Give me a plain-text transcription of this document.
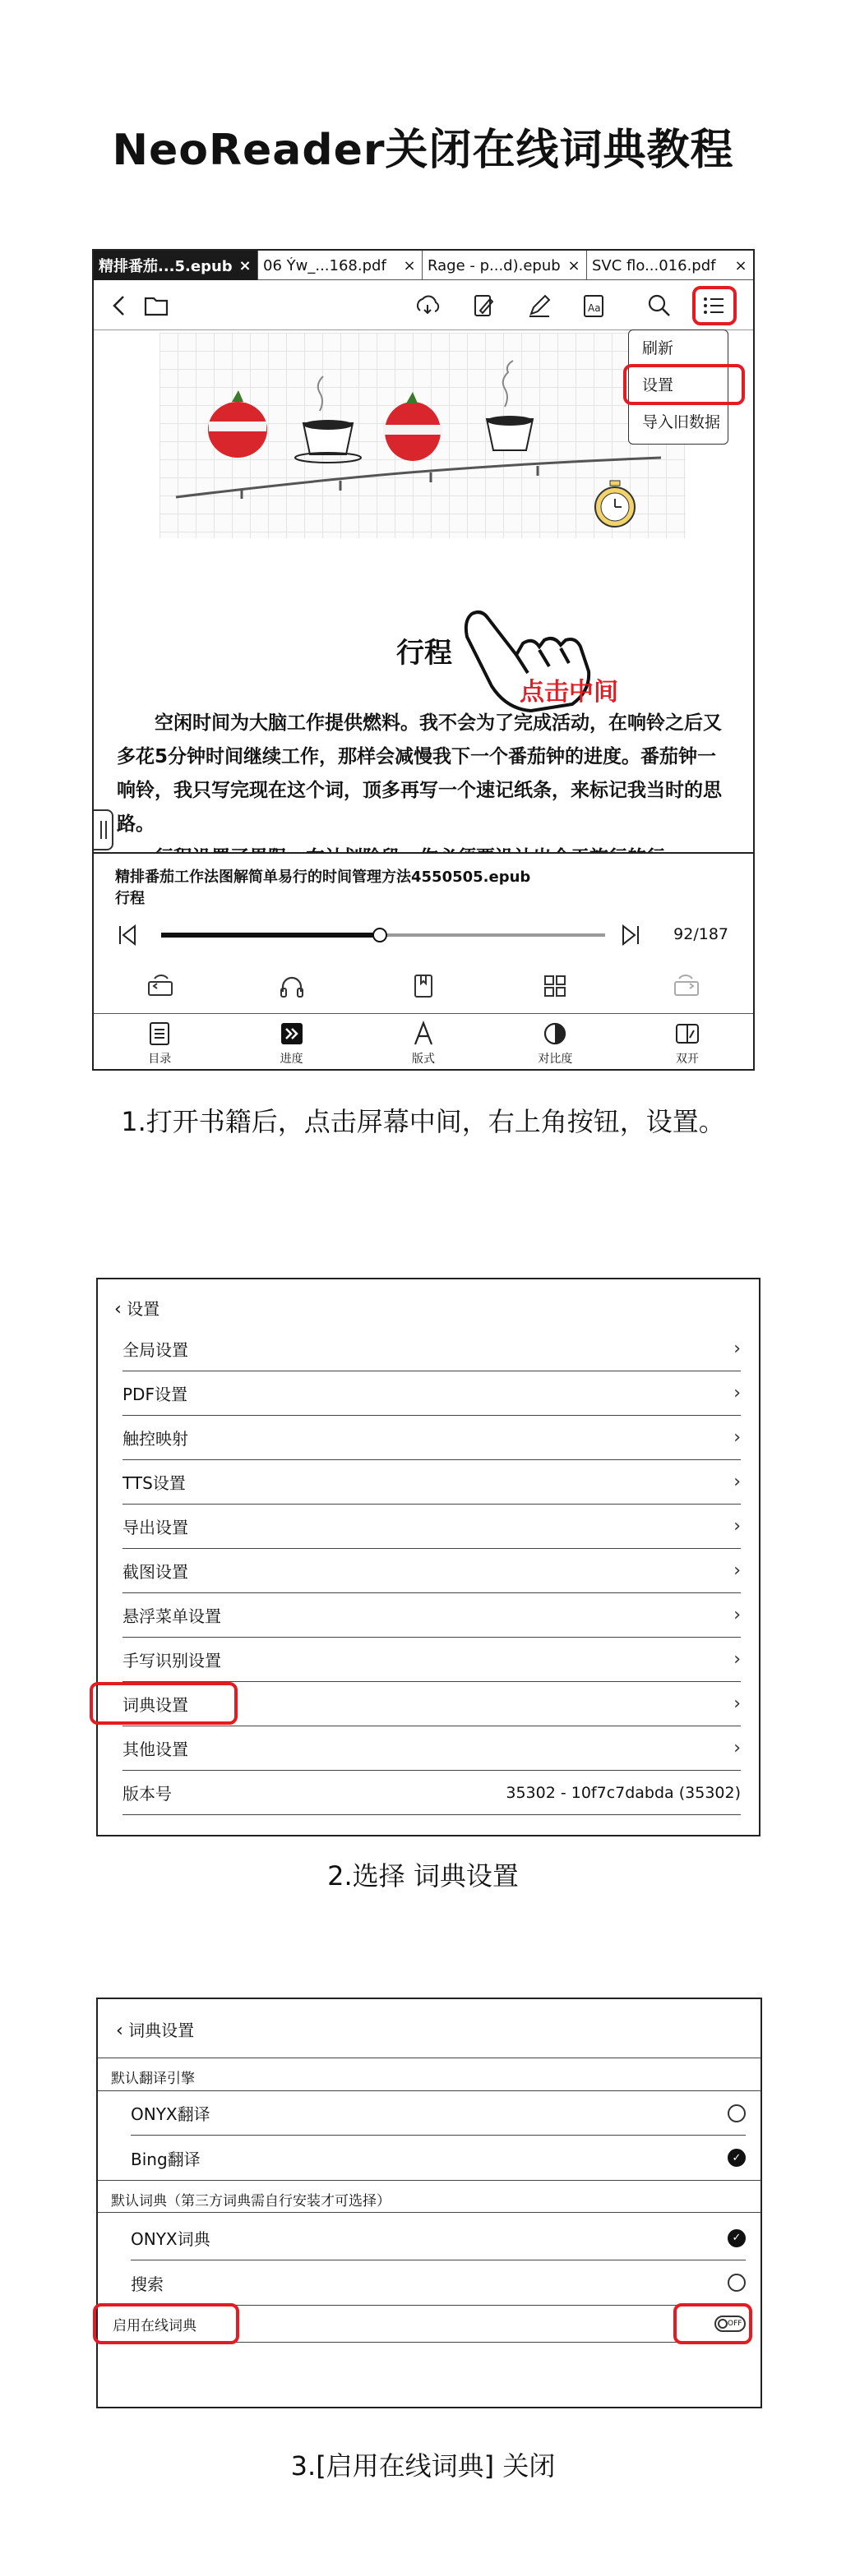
NeoReader关闭在线词典教程
精排番茄...5.epub × 06 Ýw_...168.pdf	× Rage - p...d).epub × SVC flo...016.pdf	×
Aa
刷新
设置
导入旧数据
行程

空闲时间为大脑工作提供燃料。我不会为了完成活动，在响铃之后又多花5分钟时间继续工作，那样会减慢我下一个番茄钟的进度。番茄钟一响铃，我只写完现在这个词，顶多再写一个速记纸条，来标记我当时的思路。

点击中间
精排番茄工作法图解简单易行的时间管理方法4550505.epub
行程
92/187
目录	进度	版式	对比度	双开
1.打开书籍后，点击屏幕中间，右上角按钮，设置。
‹ 设置
全局设置	›
PDF设置	›
触控映射	›
TTS设置	›
导出设置	›
截图设置	›
悬浮菜单设置	›
手写识别设置	›
词典设置	›
其他设置	›
版本号	35302 - 10f7c7dabda (35302)
2.选择 词典设置
‹ 词典设置
默认翻译引擎
ONYX翻译
Bing翻译	✓
默认词典（第三方词典需自行安装才可选择）
ONYX词典	✓
搜索
启用在线词典	OFF
3.[启用在线词典] 关闭
